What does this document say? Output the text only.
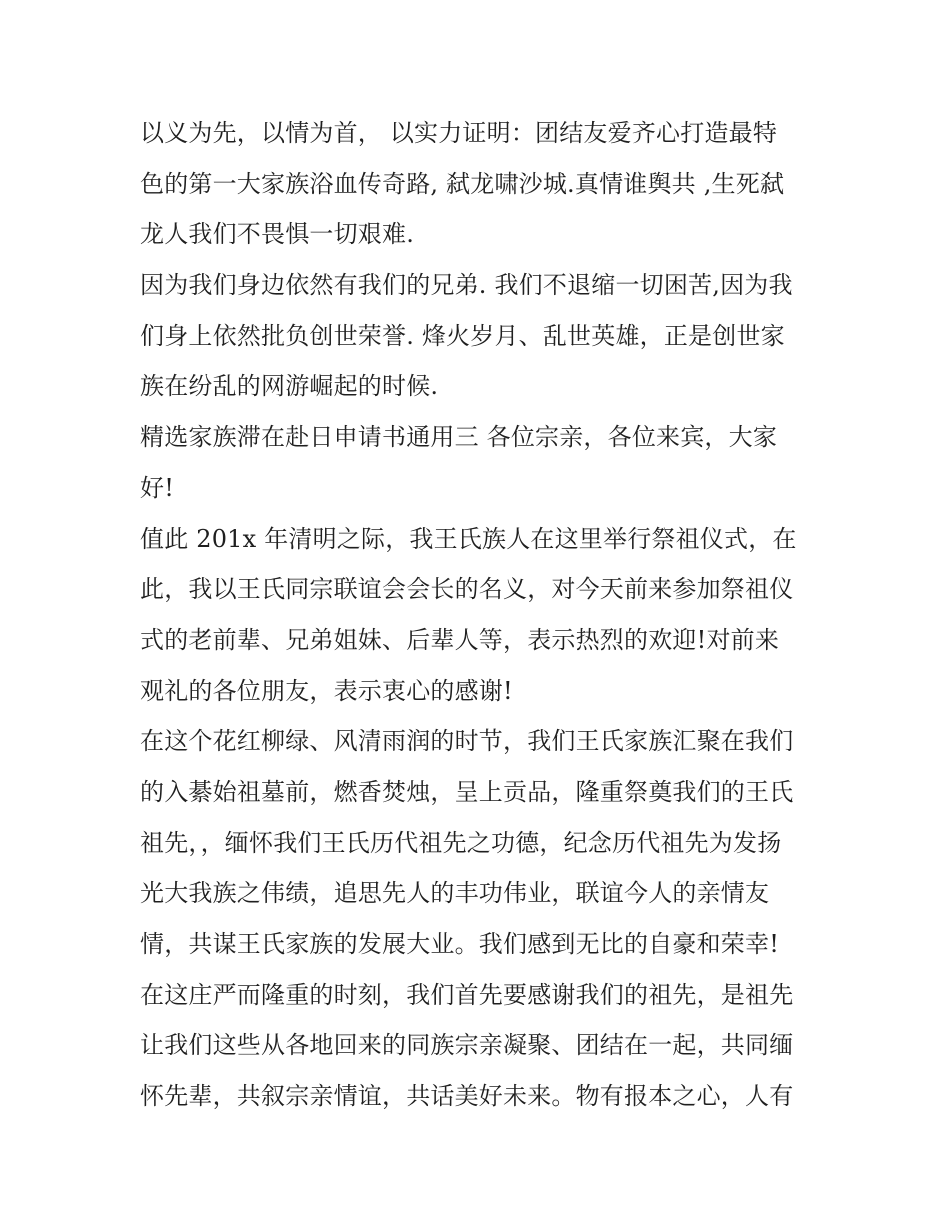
以义为先，以情为首， 以实力证明：团结友爱齐心打造最特
色的第一大家族浴血传奇路, 弑龙啸沙城.真情谁舆共 ,生死弑
龙人我们不畏惧一切艰难.
因为我们身边依然有我们的兄弟. 我们不退缩一切困苦,因为我
们身上依然批负创世荣誉. 烽火岁月、乱世英雄，正是创世家
族在纷乱的网游崛起的时候.
精选家族滞在赴日申请书通用三 各位宗亲，各位来宾，大家
好!
值此 201x 年清明之际，我王氏族人在这里举行祭祖仪式，在
此，我以王氏同宗联谊会会长的名义，对今天前来参加祭祖仪
式的老前辈、兄弟姐妹、后辈人等，表示热烈的欢迎!对前来
观礼的各位朋友，表示衷心的感谢!
在这个花红柳绿、风清雨润的时节，我们王氏家族汇聚在我们
的入綦始祖墓前，燃香焚烛，呈上贡品，隆重祭奠我们的王氏
祖先，，缅怀我们王氏历代祖先之功德，纪念历代祖先为发扬
光大我族之伟绩，追思先人的丰功伟业，联谊今人的亲情友
情，共谋王氏家族的发展大业。我们感到无比的自豪和荣幸!
在这庄严而隆重的时刻，我们首先要感谢我们的祖先，是祖先
让我们这些从各地回来的同族宗亲凝聚、团结在一起，共同缅
怀先辈，共叙宗亲情谊，共话美好未来。物有报本之心，人有
